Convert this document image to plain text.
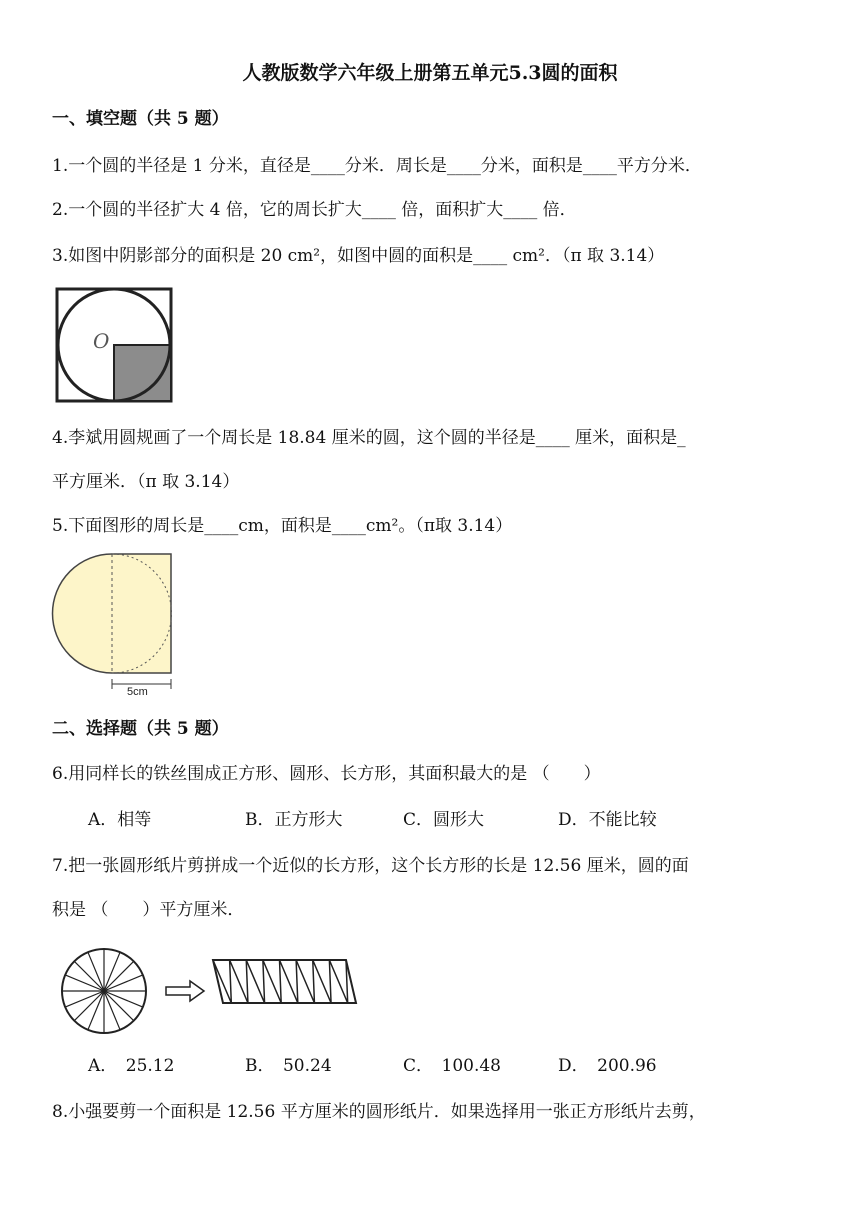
人教版数学六年级上册第五单元5.3圆的面积
一、填空题（共 5 题）
1.一个圆的半径是 1 分米，直径是____分米．周长是____分米，面积是____平方分米．
2.一个圆的半径扩大 4 倍，它的周长扩大____ 倍，面积扩大____ 倍．
3.如图中阴影部分的面积是 20 cm²，如图中圆的面积是____ cm²．（π 取 3.14）
O
4.李斌用圆规画了一个周长是 18.84 厘米的圆，这个圆的半径是____ 厘米，面积是_
平方厘米．（π 取 3.14）
5.下面图形的周长是____cm，面积是____cm²。（π取 3.14）
5cm
二、选择题（共 5 题）
6.用同样长的铁丝围成正方形、圆形、长方形，其面积最大的是 （　　）
A．相等	B．正方形大	C．圆形大	D．不能比较
7.把一张圆形纸片剪拼成一个近似的长方形，这个长方形的长是 12.56 厘米，圆的面
积是 （　　）平方厘米．
A．　25.12	B．　50.24	C．　100.48	D．　200.96
8.小强要剪一个面积是 12.56 平方厘米的圆形纸片．如果选择用一张正方形纸片去剪，
